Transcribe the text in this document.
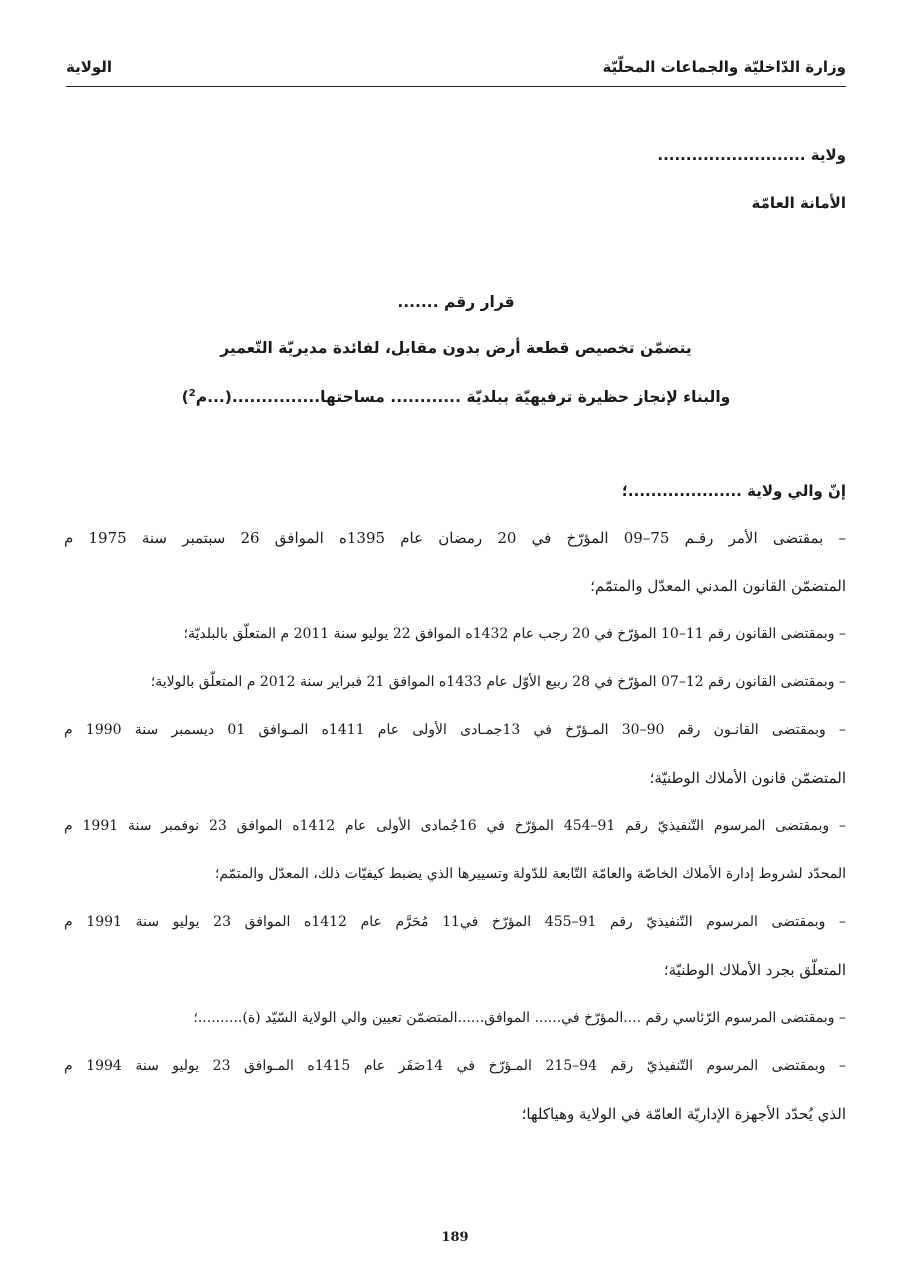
وزارة الدّاخليّة والجماعات المحلّيّة
الولاية
ولاية ..........................
الأمانة العامّة
قرار رقم .......
يتضمّن تخصيص قطعة أرض بدون مقابل، لفائدة مديريّة التّعمير
والبناء لإنجاز حظيرة ترفيهيّة ببلديّة ............ مساحتها...............(...م$^2$)
إنّ والي ولاية ....................؛
– بمقتضى الأمر رقـم 75–09 المؤرّخ في 20 رمضان عام 1395ه الموافق 26 سبتمبر سنة 1975 م
المتضمّن القانون المدني المعدّل والمتمّم؛
– وبمقتضى القانون رقم 11–10 المؤرّخ في 20 رجب عام 1432ه الموافق 22 يوليو سنة 2011 م المتعلّق بالبلديّة؛
– وبمقتضى القانون رقم 12–07 المؤرّخ في 28 ربيع الأوّل عام 1433ه الموافق 21 فبراير سنة 2012 م المتعلّق بالولاية؛
– وبمقتضى القانـون رقم 90–30 المـؤرّخ في 13جمـادى الأولى عام 1411ه المـوافق 01 ديسمبر سنة 1990 م
المتضمّن قانون الأملاك الوطنيّة؛
– وبمقتضى المرسوم التّنفيذيّ رقم 91–454 المؤرّخ في 16جُمادى الأولى عام 1412ه الموافق 23 نوفمبر سنة 1991 م
المحدّد لشروط إدارة الأملاك الخاصّة والعامّة التّابعة للدّولة وتسييرها الذي يضبط كيفيّات ذلك، المعدّل والمتمّم؛
– وبمقتضى المرسوم التّنفيذيّ رقم 91–455 المؤرّخ في11 مُحَرَّم عام 1412ه الموافق 23 يوليو سنة 1991 م
المتعلّق بجرد الأملاك الوطنيّة؛
– وبمقتضى المرسوم الرّئاسي رقم ....المؤرّخ في...... الموافق......المتضمّن تعيين والي الولاية السّيّد (ة)..........؛
– وبمقتضى المرسوم التّنفيذيّ رقم 94–215 المـؤرّخ في 14صَفَر عام 1415ه المـوافق 23 يوليو سنة 1994 م
الذي يُحدّد الأجهزة الإداريّة العامّة في الولاية وهياكلها؛
189
